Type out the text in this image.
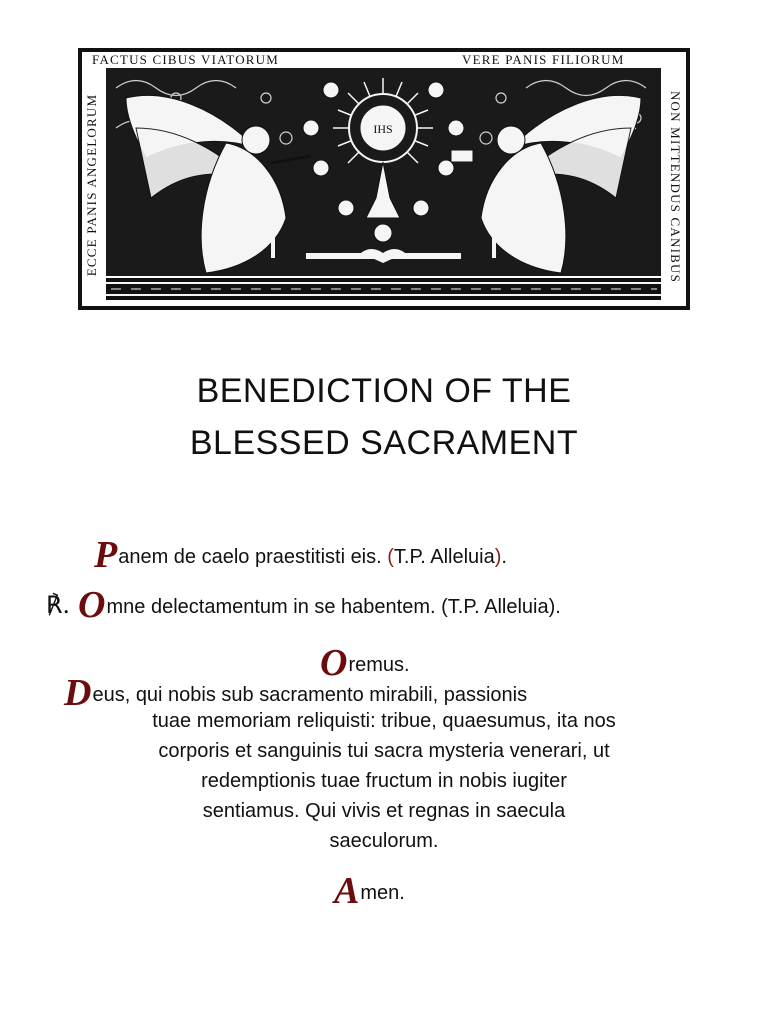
FACTUS CIBUS VIATORUM	VERE PANIS FILIORUM
ECCE PANIS ANGELORUM	NON MITTENDUS CANIBUS
IHS
BENEDICTION OF THE
BLESSED SACRAMENT
Panem de caelo praestitisti eis. (T.P. Alleluia).
℟. Omne delectamentum in se habentem. (T.P. Alleluia).
Oremus.
Deus, qui nobis sub sacramento mirabili, passionis
tuae memoriam reliquisti: tribue, quaesumus, ita nos
corporis et sanguinis tui sacra mysteria venerari, ut
redemptionis tuae fructum in nobis iugiter
sentiamus. Qui vivis et regnas in saecula
saeculorum.
Amen.
